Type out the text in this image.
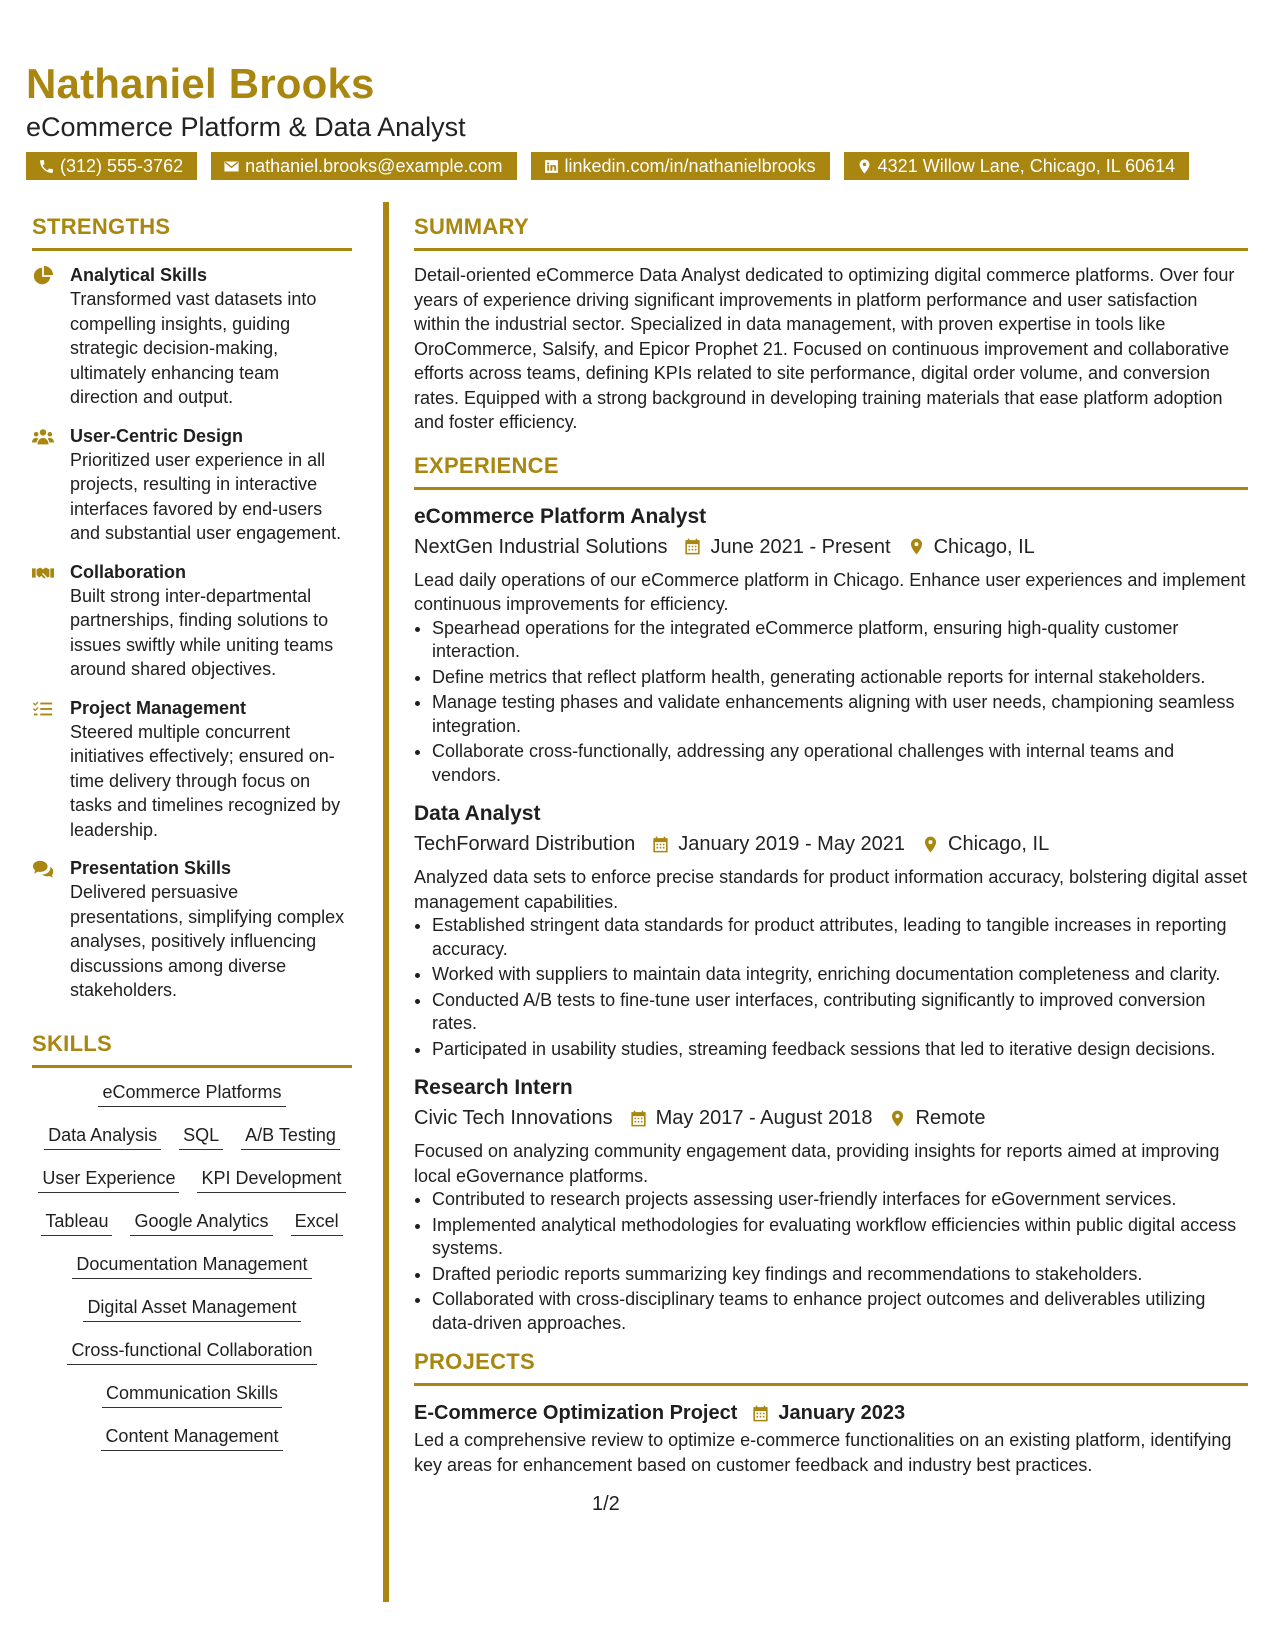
Nathaniel Brooks
eCommerce Platform & Data Analyst
(312) 555-3762	nathaniel.brooks@example.com	linkedin.com/in/nathanielbrooks	4321 Willow Lane, Chicago, IL 60614
STRENGTHS
Analytical Skills
Transformed vast datasets into compelling insights, guiding strategic decision-making, ultimately enhancing team direction and output.
User-Centric Design
Prioritized user experience in all projects, resulting in interactive interfaces favored by end-users and substantial user engagement.
Collaboration
Built strong inter-departmental partnerships, finding solutions to issues swiftly while uniting teams around shared objectives.
Project Management
Steered multiple concurrent initiatives effectively; ensured on-time delivery through focus on tasks and timelines recognized by leadership.
Presentation Skills
Delivered persuasive presentations, simplifying complex analyses, positively influencing discussions among diverse stakeholders.
SKILLS
eCommerce Platforms
Data Analysis SQL A/B Testing
User Experience KPI Development
Tableau Google Analytics Excel
Documentation Management
Digital Asset Management
Cross-functional Collaboration
Communication Skills
Content Management
SUMMARY
Detail-oriented eCommerce Data Analyst dedicated to optimizing digital commerce platforms. Over four years of experience driving significant improvements in platform performance and user satisfaction within the industrial sector. Specialized in data management, with proven expertise in tools like OroCommerce, Salsify, and Epicor Prophet 21. Focused on continuous improvement and collaborative efforts across teams, defining KPIs related to site performance, digital order volume, and conversion rates. Equipped with a strong background in developing training materials that ease platform adoption and foster efficiency.
EXPERIENCE
eCommerce Platform Analyst
NextGen Industrial Solutions June 2021 - Present Chicago, IL
Lead daily operations of our eCommerce platform in Chicago. Enhance user experiences and implement continuous improvements for efficiency.
• Spearhead operations for the integrated eCommerce platform, ensuring high-quality customer interaction.
• Define metrics that reflect platform health, generating actionable reports for internal stakeholders.
• Manage testing phases and validate enhancements aligning with user needs, championing seamless integration.
• Collaborate cross-functionally, addressing any operational challenges with internal teams and vendors.
Data Analyst
TechForward Distribution January 2019 - May 2021 Chicago, IL
Analyzed data sets to enforce precise standards for product information accuracy, bolstering digital asset management capabilities.
• Established stringent data standards for product attributes, leading to tangible increases in reporting accuracy.
• Worked with suppliers to maintain data integrity, enriching documentation completeness and clarity.
• Conducted A/B tests to fine-tune user interfaces, contributing significantly to improved conversion rates.
• Participated in usability studies, streaming feedback sessions that led to iterative design decisions.
Research Intern
Civic Tech Innovations May 2017 - August 2018 Remote
Focused on analyzing community engagement data, providing insights for reports aimed at improving local eGovernance platforms.
• Contributed to research projects assessing user-friendly interfaces for eGovernment services.
• Implemented analytical methodologies for evaluating workflow efficiencies within public digital access systems.
• Drafted periodic reports summarizing key findings and recommendations to stakeholders.
• Collaborated with cross-disciplinary teams to enhance project outcomes and deliverables utilizing data-driven approaches.
PROJECTS
E-Commerce Optimization Project January 2023
Led a comprehensive review to optimize e-commerce functionalities on an existing platform, identifying key areas for enhancement based on customer feedback and industry best practices.
1/2
